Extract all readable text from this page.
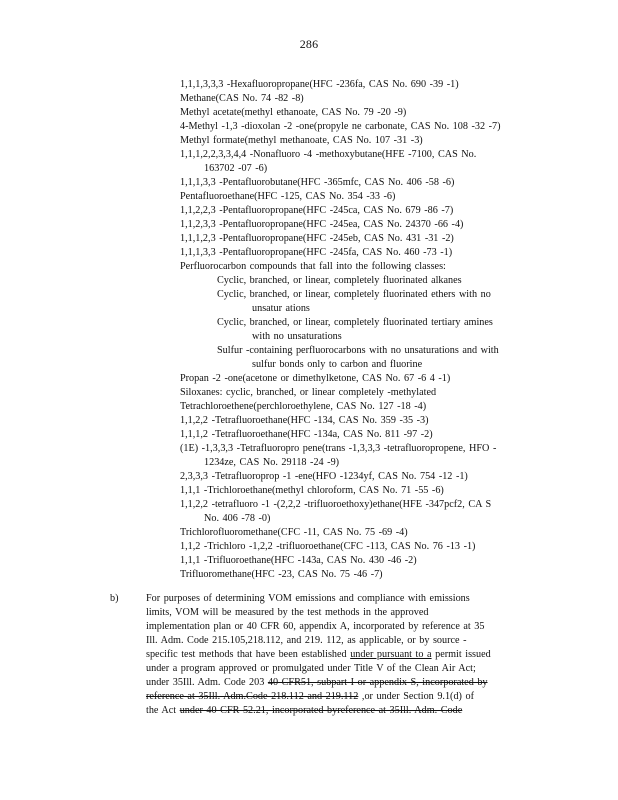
286
1,1,1,3,3,3 -Hexafluoropropane(HFC -236fa, CAS No. 690 -39 -1)
Methane(CAS No. 74 -82 -8)
Methyl acetate(methyl ethanoate, CAS No. 79 -20 -9)
4-Methyl -1,3 -dioxolan -2 -one(propyle ne carbonate, CAS No. 108 -32 -7)
Methyl formate(methyl methanoate, CAS No. 107 -31 -3)
1,1,1,2,2,3,3,4,4 -Nonafluoro -4 -methoxybutane(HFE -7100, CAS No.
163702 -07 -6)
1,1,1,3,3 -Pentafluorobutane(HFC -365mfc, CAS No. 406 -58 -6)
Pentafluoroethane(HFC -125, CAS No. 354 -33 -6)
1,1,2,2,3 -Pentafluoropropane(HFC -245ca, CAS No. 679 -86 -7)
1,1,2,3,3 -Pentafluoropropane(HFC -245ea, CAS No. 24370 -66 -4)
1,1,1,2,3 -Pentafluoropropane(HFC -245eb, CAS No. 431 -31 -2)
1,1,1,3,3 -Pentafluoropropane(HFC -245fa, CAS No. 460 -73 -1)
Perfluorocarbon compounds that fall into the following classes:
Cyclic, branched, or linear, completely fluorinated alkanes
Cyclic, branched, or linear, completely fluorinated ethers with no
unsatur ations
Cyclic, branched, or linear, completely fluorinated tertiary amines
with no unsaturations
Sulfur -containing perfluorocarbons with no unsaturations and with
sulfur bonds only to carbon and fluorine
Propan -2 -one(acetone or dimethylketone, CAS No. 67 -6 4 -1)
Siloxanes: cyclic, branched, or linear completely -methylated
Tetrachloroethene(perchloroethylene, CAS No. 127 -18 -4)
1,1,2,2 -Tetrafluoroethane(HFC -134, CAS No. 359 -35 -3)
1,1,1,2 -Tetrafluoroethane(HFC -134a, CAS No. 811 -97 -2)
(1E) -1,3,3,3 -Tetrafluoropro pene(trans -1,3,3,3 -tetrafluoropropene, HFO -
1234ze, CAS No. 29118 -24 -9)
2,3,3,3 -Tetrafluoroprop -1 -ene(HFO -1234yf, CAS No. 754 -12 -1)
1,1,1 -Trichloroethane(methyl chloroform, CAS No. 71 -55 -6)
1,1,2,2 -tetrafluoro -1 -(2,2,2 -trifluoroethoxy)ethane(HFE -347pcf2, CA S
No. 406 -78 -0)
Trichlorofluoromethane(CFC -11, CAS No. 75 -69 -4)
1,1,2 -Trichloro -1,2,2 -trifluoroethane(CFC -113, CAS No. 76 -13 -1)
1,1,1 -Trifluoroethane(HFC -143a, CAS No. 430 -46 -2)
Trifluoromethane(HFC -23, CAS No. 75 -46 -7)
b)	For purposes of determining VOM emissions and compliance with emissions
limits, VOM will be measured by the test methods in the approved
implementation plan or 40 CFR 60, appendix A, incorporated by reference at 35
Ill. Adm. Code 215.105,218.112, and 219. 112, as applicable, or by source -
specific test methods that have been established under pursuant to a permit issued
under a program approved or promulgated under Title V of the Clean Air Act;
under 35Ill. Adm. Code 203 40 CFR51, subpart I or appendix S, incorporated by
reference at 35Ill. Adm.Code 218.112 and 219.112 ,or under Section 9.1(d) of
the Act under 40 CFR 52.21, incorporated byreference at 35Ill. Adm. Code
